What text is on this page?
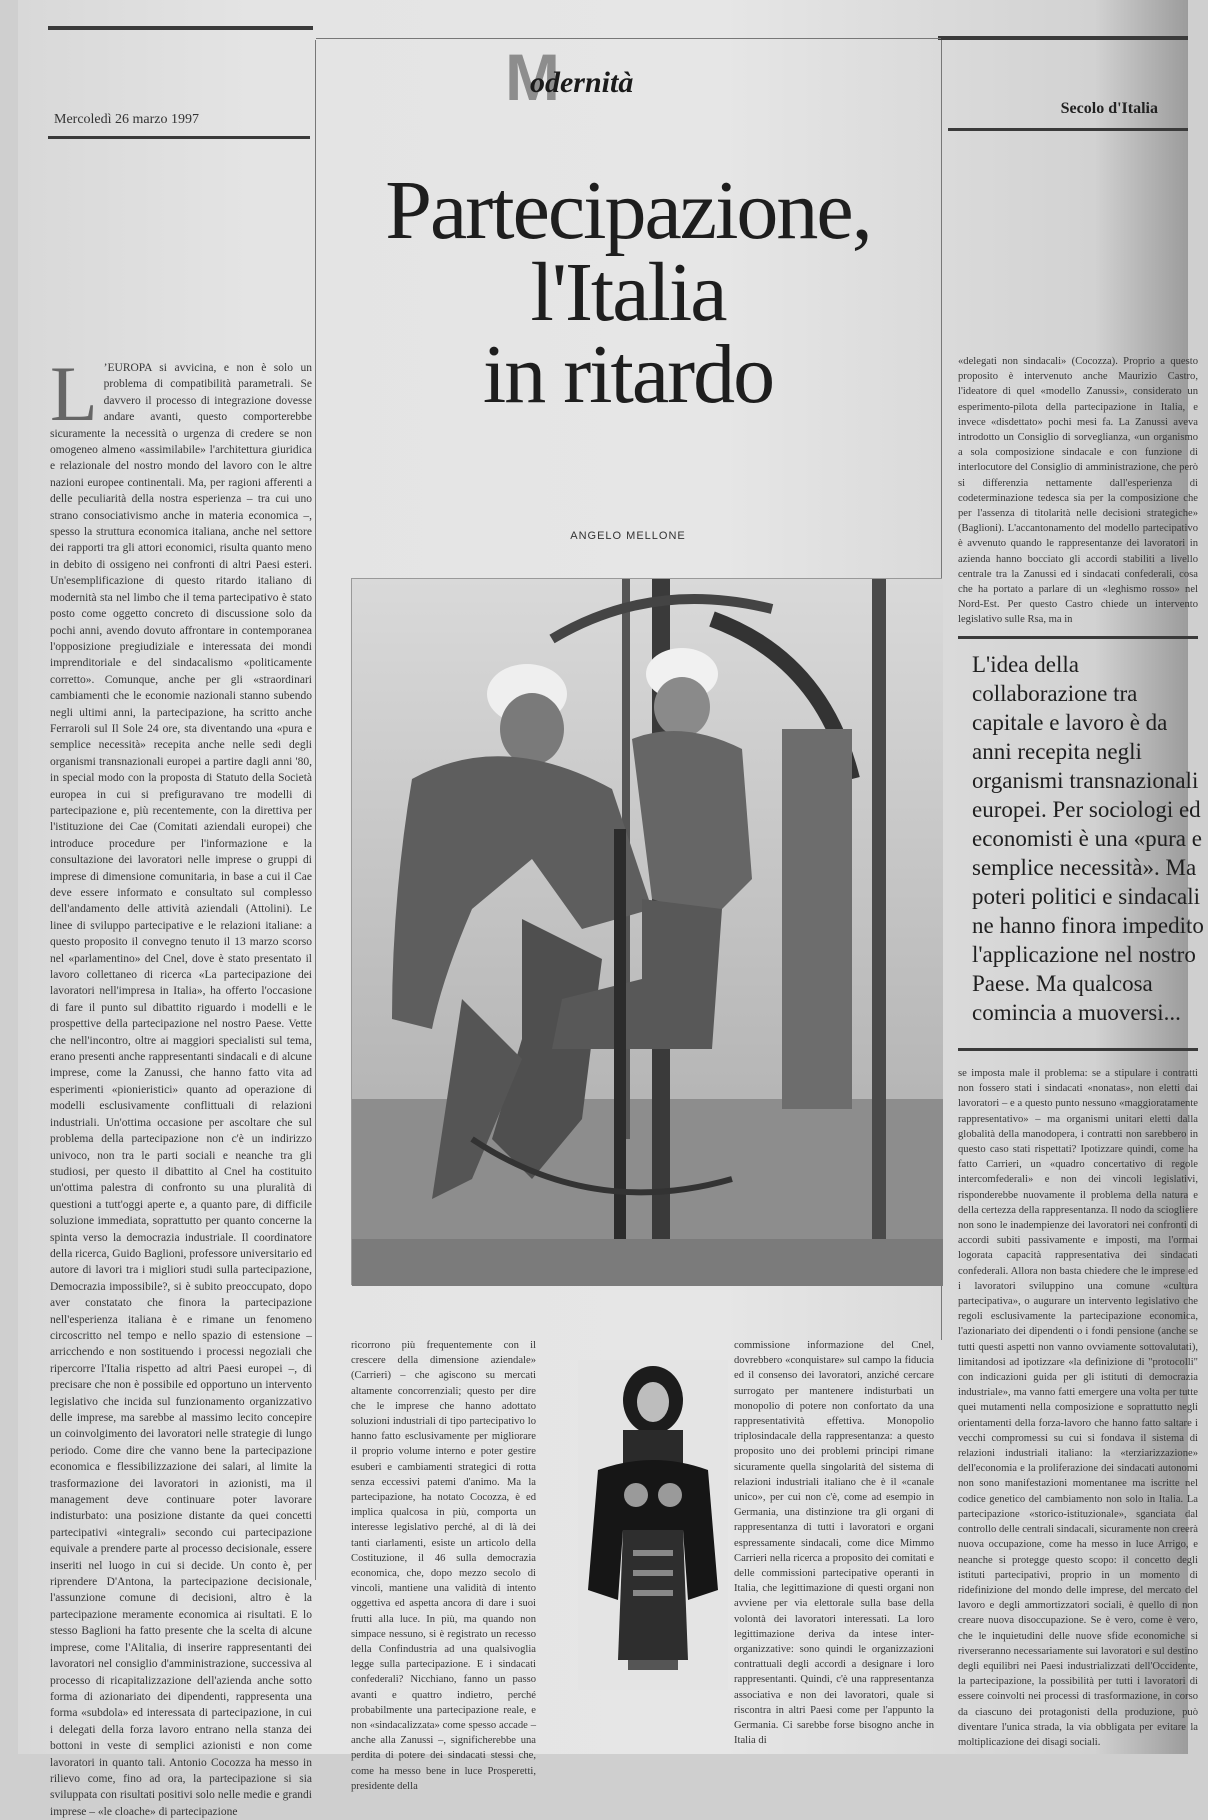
Mercoledì 26 marzo 1997
M
odernità
Secolo d'Italia
Partecipazione,
l'Italia
in ritardo
ANGELO MELLONE
L ’EUROPA si avvicina, e non è solo un problema di compatibilità parametrali. Se davvero il processo di integrazione dovesse andare avanti, questo comporterebbe sicuramente la necessità o urgenza di credere se non omogeneo almeno «assimilabile» l'architettura giuridica e relazionale del nostro mondo del lavoro con le altre nazioni europee continentali. Ma, per ragioni afferenti a delle peculiarità della nostra esperienza – tra cui uno strano consociativismo anche in materia economica –, spesso la struttura economica italiana, anche nel settore dei rapporti tra gli attori economici, risulta quanto meno in debito di ossigeno nei confronti di altri Paesi esteri. Un'esemplificazione di questo ritardo italiano di modernità sta nel limbo che il tema partecipativo è stato posto come oggetto concreto di discussione solo da pochi anni, avendo dovuto affrontare in contemporanea l'opposizione pregiudiziale e interessata dei mondi imprenditoriale e del sindacalismo «politicamente corretto». Comunque, anche per gli «straordinari cambiamenti che le economie nazionali stanno subendo negli ultimi anni, la partecipazione, ha scritto anche Ferraroli sul Il Sole 24 ore, sta diventando una «pura e semplice necessità» recepita anche nelle sedi degli organismi transnazionali europei a partire dagli anni '80, in special modo con la proposta di Statuto della Società europea in cui si prefiguravano tre modelli di partecipazione e, più recentemente, con la direttiva per l'istituzione dei Cae (Comitati aziendali europei) che introduce procedure per l'informazione e la consultazione dei lavoratori nelle imprese o gruppi di imprese di dimensione comunitaria, in base a cui il Cae deve essere informato e consultato sul complesso dell'andamento delle attività aziendali (Attolini). Le linee di sviluppo partecipative e le relazioni italiane: a questo proposito il convegno tenuto il 13 marzo scorso nel «parlamentino» del Cnel, dove è stato presentato il lavoro collettaneo di ricerca «La partecipazione dei lavoratori nell'impresa in Italia», ha offerto l'occasione di fare il punto sul dibattito riguardo i modelli e le prospettive della partecipazione nel nostro Paese. Vette che nell'incontro, oltre ai maggiori specialisti sul tema, erano presenti anche rappresentanti sindacali e di alcune imprese, come la Zanussi, che hanno fatto vita ad esperimenti «pionieristici» quanto ad operazione di modelli esclusivamente conflittuali di relazioni industriali. Un'ottima occasione per ascoltare che sul problema della partecipazione non c'è un indirizzo univoco, non tra le parti sociali e neanche tra gli studiosi, per questo il dibattito al Cnel ha costituito un'ottima palestra di confronto su una pluralità di questioni a tutt'oggi aperte e, a quanto pare, di difficile soluzione immediata, soprattutto per quanto concerne la spinta verso la democrazia industriale. Il coordinatore della ricerca, Guido Baglioni, professore universitario ed autore di lavori tra i migliori studi sulla partecipazione, Democrazia impossibile?, si è subito preoccupato, dopo aver constatato che finora la partecipazione nell'esperienza italiana è e rimane un fenomeno circoscritto nel tempo e nello spazio di estensione – arricchendo e non sostituendo i processi negoziali che ripercorre l'Italia rispetto ad altri Paesi europei –, di precisare che non è possibile ed opportuno un intervento legislativo che incida sul funzionamento organizzativo delle imprese, ma sarebbe al massimo lecito concepire un coinvolgimento dei lavoratori nelle strategie di lungo periodo. Come dire che vanno bene la partecipazione economica e flessibilizzazione dei salari, al limite la trasformazione dei lavoratori in azionisti, ma il management deve continuare poter lavorare indisturbato: una posizione distante da quei concetti partecipativi «integrali» secondo cui partecipazione equivale a prendere parte al processo decisionale, essere inseriti nel luogo in cui si decide. Un conto è, per riprendere D'Antona, la partecipazione decisionale, l'assunzione comune di decisioni, altro è la partecipazione meramente economica ai risultati. E lo stesso Baglioni ha fatto presente che la scelta di alcune imprese, come l'Alitalia, di inserire rappresentanti dei lavoratori nel consiglio d'amministrazione, successiva al processo di ricapitalizzazione dell'azienda anche sotto forma di azionariato dei dipendenti, rappresenta una forma «subdola» ed interessata di partecipazione, in cui i delegati della forza lavoro entrano nella stanza dei bottoni in veste di semplici azionisti e non come lavoratori in quanto tali. Antonio Cocozza ha messo in rilievo come, fino ad ora, la partecipazione si sia sviluppata con risultati positivi solo nelle medie e grandi imprese – «le cloache» di partecipazione

ricorrono più frequentemente con il crescere della dimensione aziendale» (Carrieri) – che agiscono su mercati altamente concorrenziali; questo per dire che le imprese che hanno adottato soluzioni industriali di tipo partecipativo lo hanno fatto esclusivamente per migliorare il proprio volume interno e poter gestire esuberi e cambiamenti strategici di rotta senza eccessivi patemi d'animo. Ma la partecipazione, ha notato Cocozza, è ed implica qualcosa in più, comporta un interesse legislativo perché, al di là dei tanti ciarlamenti, esiste un articolo della Costituzione, il 46 sulla democrazia economica, che, dopo mezzo secolo di vincoli, mantiene una validità di intento oggettiva ed aspetta ancora di dare i suoi frutti alla luce. In più, ma quando non simpace nessuno, si è registrato un recesso della Confindustria ad una qualsivoglia legge sulla partecipazione. E i sindacati confederali? Nicchiano, fanno un passo avanti e quattro indietro, perché probabilmente una partecipazione reale, e non «sindacalizzata» come spesso accade – anche alla Zanussi –, significherebbe una perdita di potere dei sindacati stessi che, come ha messo bene in luce Prosperetti, presidente della

commissione informazione del Cnel, dovrebbero «conquistare» sul campo la fiducia ed il consenso dei lavoratori, anziché cercare surrogato per mantenere indisturbati un monopolio di potere non confortato da una rappresentatività effettiva. Monopolio triplosindacale della rappresentanza: a questo proposito uno dei problemi principi rimane sicuramente quella singolarità del sistema di relazioni industriali italiano che è il «canale unico», per cui non c'è, come ad esempio in Germania, una distinzione tra gli organi di rappresentanza di tutti i lavoratori e organi espressamente sindacali, come dice Mimmo Carrieri nella ricerca a proposito dei comitati e delle commissioni partecipative operanti in Italia, che legittimazione di questi organi non avviene per via elettorale sulla base della volontà dei lavoratori interessati. La loro legittimazione deriva da intese inter-organizzative: sono quindi le organizzazioni contrattuali degli accordi a designare i loro rappresentanti. Quindi, c'è una rappresentanza associativa e non dei lavoratori, quale si riscontra in altri Paesi come per l'appunto la Germania. Ci sarebbe forse bisogno anche in Italia di

«delegati non sindacali» (Cocozza). Proprio a questo proposito è intervenuto anche Maurizio Castro, l'ideatore di quel «modello Zanussi», considerato un esperimento-pilota della partecipazione in Italia, e invece «disdettato» pochi mesi fa. La Zanussi aveva introdotto un Consiglio di sorveglianza, «un organismo a sola composizione sindacale e con funzione di interlocutore del Consiglio di amministrazione, che però si differenzia nettamente dall'esperienza di codeterminazione tedesca sia per la composizione che per l'assenza di titolarità nelle decisioni strategiche» (Baglioni). L'accantonamento del modello partecipativo è avvenuto quando le rappresentanze dei lavoratori in azienda hanno bocciato gli accordi stabiliti a livello centrale tra la Zanussi ed i sindacati confederali, cosa che ha portato a parlare di un «leghismo rosso» nel Nord-Est. Per questo Castro chiede un intervento legislativo sulle Rsa, ma in

L'idea della collaborazione tra capitale e lavoro è da anni recepita negli organismi transnazionali europei. Per sociologi ed economisti è una «pura e semplice necessità». Ma poteri politici e sindacali ne hanno finora impedito l'applicazione nel nostro Paese. Ma qualcosa comincia a muoversi...

se imposta male il problema: se a stipulare i contratti non fossero stati i sindacati «nonatas», non eletti dai lavoratori – e a questo punto nessuno «maggioratamente rappresentativo» – ma organismi unitari eletti dalla globalità della manodopera, i contratti non sarebbero in questo caso stati rispettati? Ipotizzare quindi, come ha fatto Carrieri, un «quadro concertativo di regole intercomfederali» e non dei vincoli legislativi, risponderebbe nuovamente il problema della natura e della certezza della rappresentanza. Il nodo da sciogliere non sono le inadempienze dei lavoratori nei confronti di accordi subiti passivamente e imposti, ma l'ormai logorata capacità rappresentativa dei sindacati confederali. Allora non basta chiedere che le imprese ed i lavoratori sviluppino una comune «cultura partecipativa», o augurare un intervento legislativo che regoli esclusivamente la partecipazione economica, l'azionariato dei dipendenti o i fondi pensione (anche se tutti questi aspetti non vanno ovviamente sottovalutati), limitandosi ad ipotizzare «la definizione di "protocolli" con indicazioni guida per gli istituti di democrazia industriale», ma vanno fatti emergere una volta per tutte quei mutamenti nella composizione e soprattutto negli orientamenti della forza-lavoro che hanno fatto saltare i vecchi compromessi su cui si fondava il sistema di relazioni industriali italiano: la «terziarizzazione» dell'economia e la proliferazione dei sindacati autonomi non sono manifestazioni momentanee ma iscritte nel codice genetico del cambiamento non solo in Italia. La partecipazione «storico-istituzionale», sganciata dal controllo delle centrali sindacali, sicuramente non creerà nuova occupazione, come ha messo in luce Arrigo, e neanche si protegge questo scopo: il concetto degli istituti partecipativi, proprio in un momento di ridefinizione del mondo delle imprese, del mercato del lavoro e degli ammortizzatori sociali, è quello di non creare nuova disoccupazione. Se è vero, come è vero, che le inquietudini delle nuove sfide economiche si riverseranno necessariamente sui lavoratori e sul destino degli equilibri nei Paesi industrializzati dell'Occidente, la partecipazione, la possibilità per tutti i lavoratori di essere coinvolti nei processi di trasformazione, in corso da ciascuno dei protagonisti della produzione, può diventare l'unica strada, la via obbligata per evitare la moltiplicazione dei disagi sociali.
